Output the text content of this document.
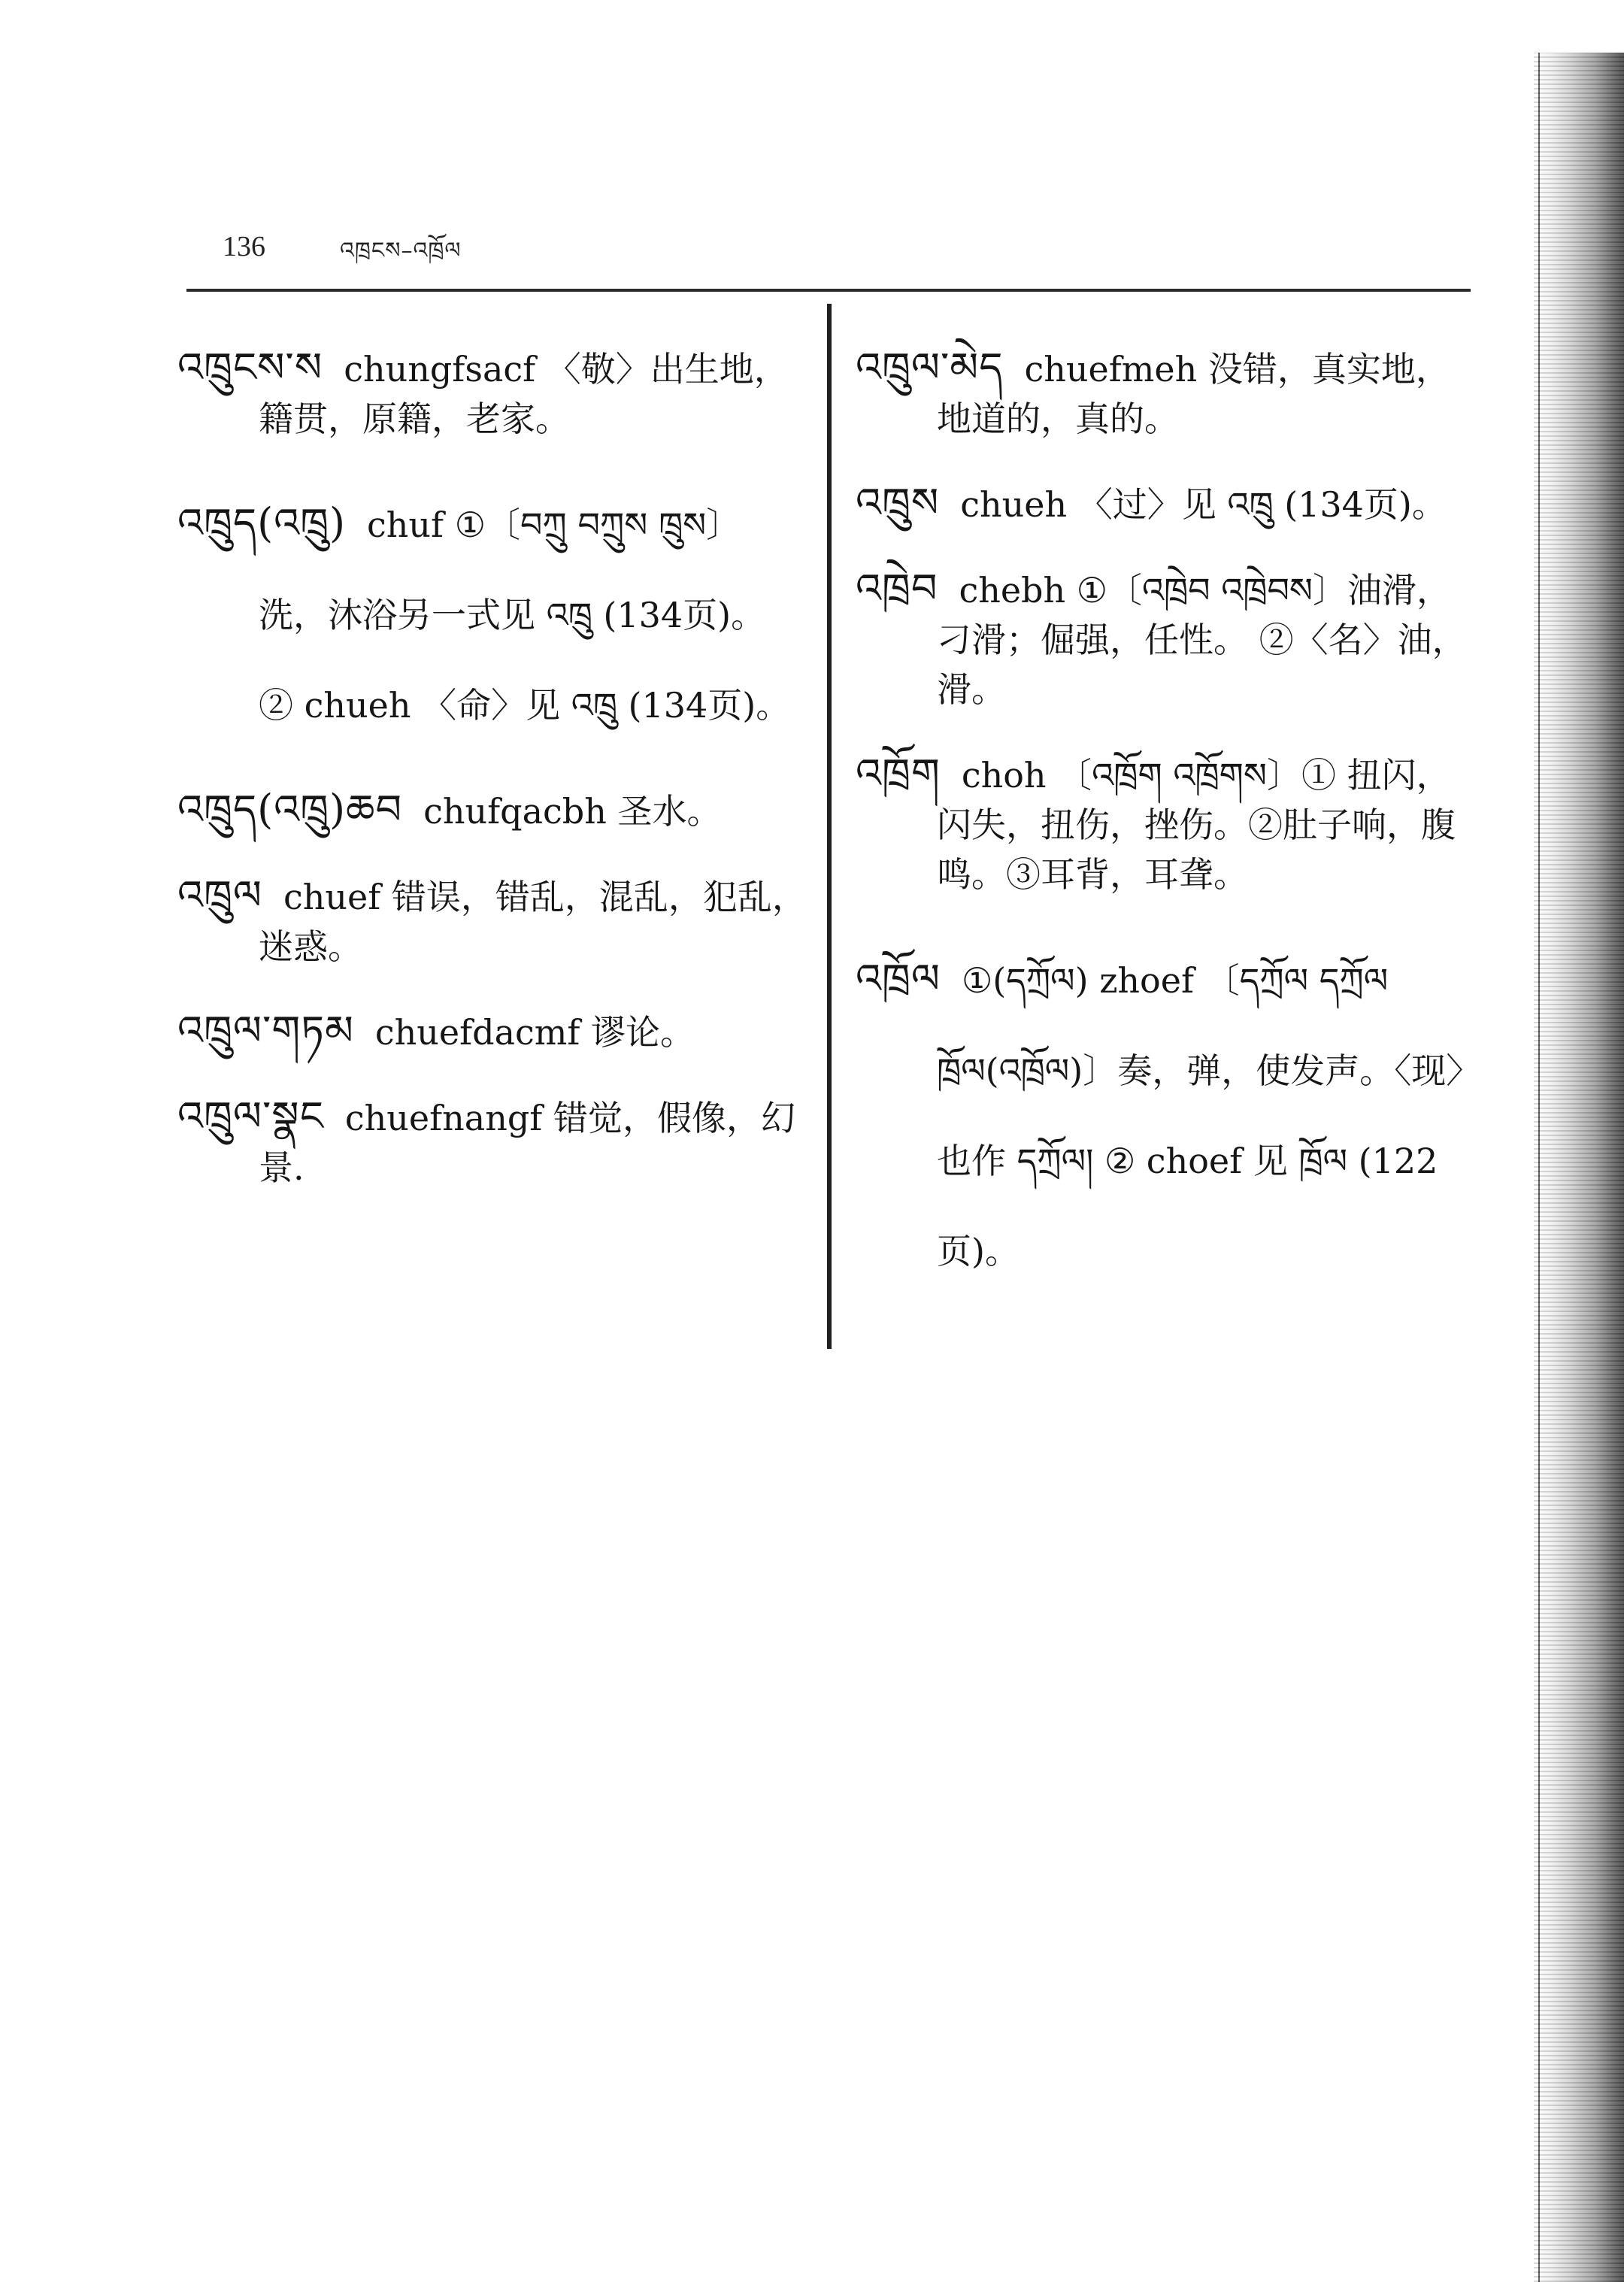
136	འཁྲངས–འཁྲོལ

འཁྲུངས་ས chungfsacf 〈敬〉出生地，籍贯，原籍，老家。

འཁྲུད(འཁྲུ) chuf ①〔བཀྲུ བཀྲུས ཁྲུས〕洗，沐浴另一式见 འཁྲུ (134页)。 ② chueh 〈命〉见 འཁྲུ (134页)。

འཁྲུད(འཁྲུ)ཆབ chufqacbh 圣水。

འཁྲུལ chuef 错误，错乱，混乱，犯乱，迷惑。

འཁྲུལ་གཏམ chuefdacmf 谬论。

འཁྲུལ་སྣང chuefnangf 错觉，假像，幻景.

འཁྲུལ་མེད chuefmeh 没错，真实地，地道的，真的。

འཁྲུས chueh 〈过〉见 འཁྲུ (134页)。

འཁྲེབ chebh ①〔འཁྲེབ འཁྲེབས〕油滑，刁滑；倔强，任性。 ②〈名〉油，滑。

འཁྲོག choh 〔འཁྲོག འཁྲོགས〕① 扭闪，闪失，扭伤，挫伤。②肚子响，腹鸣。③耳背，耳聋。

འཁྲོལ ①(དཀྲོལ) zhoef 〔དཀྲོལ དཀྲོལ ཁྲོལ(འཁྲོལ)〕奏，弹，使发声。〈现〉也作 དཀྲོལ། ② choef 见 ཁྲོལ (122页)。
